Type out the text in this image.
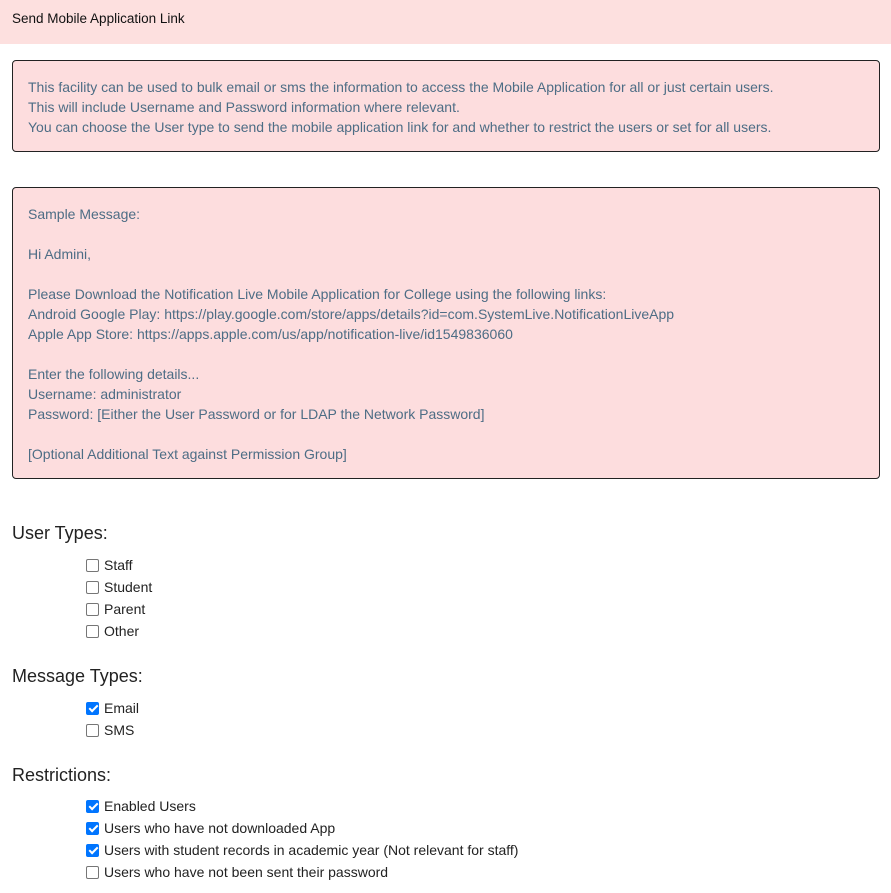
Send Mobile Application Link
This facility can be used to bulk email or sms the information to access the Mobile Application for all or just certain users.
This will include Username and Password information where relevant.
You can choose the User type to send the mobile application link for and whether to restrict the users or set for all users.
Sample Message:
Hi Admini,
Please Download the Notification Live Mobile Application for College using the following links:
Android Google Play: https://play.google.com/store/apps/details?id=com.SystemLive.NotificationLiveApp
Apple App Store: https://apps.apple.com/us/app/notification-live/id1549836060
Enter the following details...
Username: administrator
Password: [Either the User Password or for LDAP the Network Password]
[Optional Additional Text against Permission Group]
User Types:
Staff
Student
Parent
Other
Message Types:
Email
SMS
Restrictions:
Enabled Users
Users who have not downloaded App
Users with student records in academic year (Not relevant for staff)
Users who have not been sent their password
